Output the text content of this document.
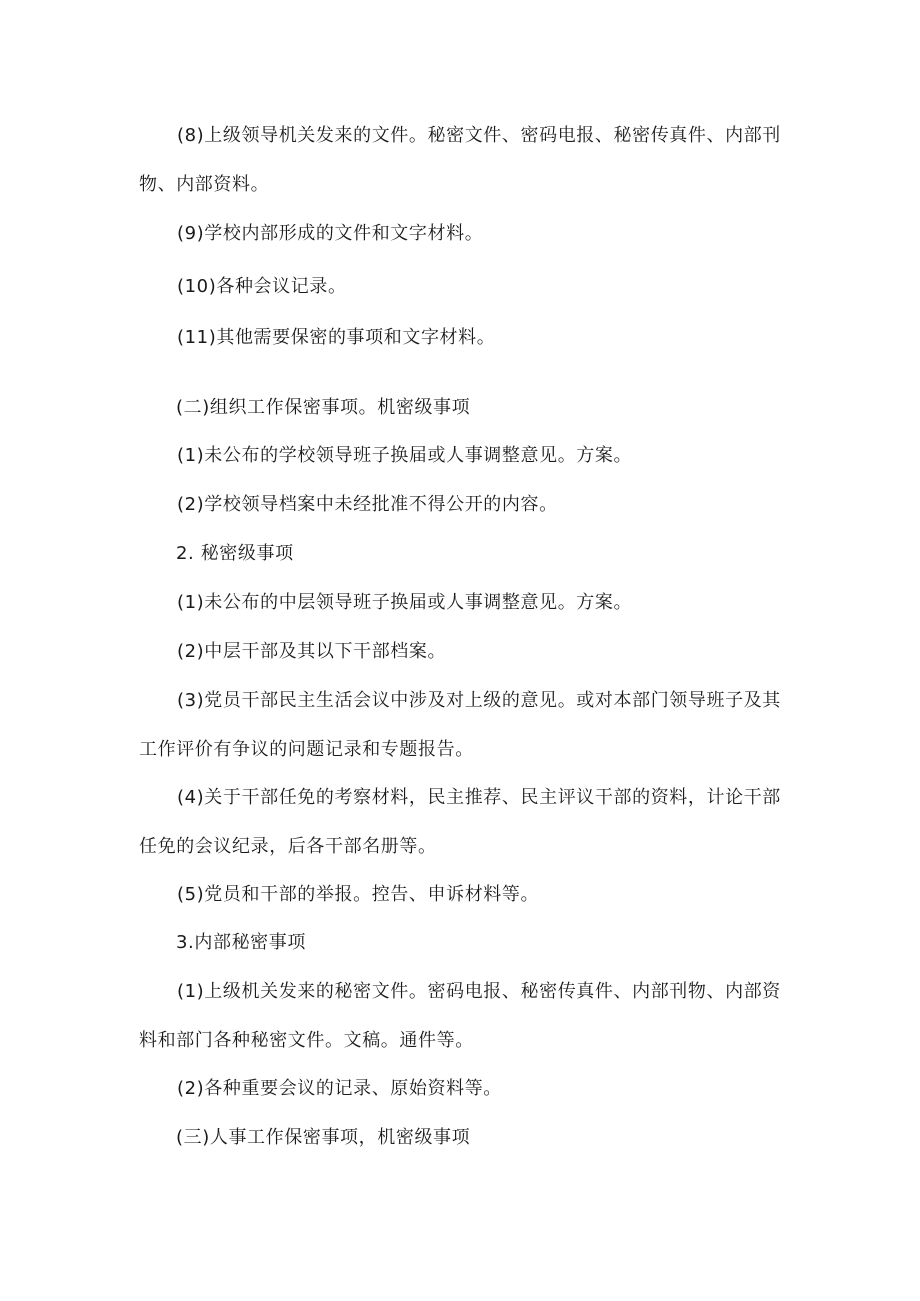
(8)上级领导机关发来的文件。秘密文件、密码电报、秘密传真件、内部刊物、内部资料。

(9)学校内部形成的文件和文字材料。

(10)各种会议记录。

(11)其他需要保密的事项和文字材料。

(二)组织工作保密事项。机密级事项

(1)未公布的学校领导班子换届或人事调整意见。方案。

(2)学校领导档案中未经批准不得公开的内容。

2. 秘密级事项

(1)未公布的中层领导班子换届或人事调整意见。方案。

(2)中层干部及其以下干部档案。

(3)党员干部民主生活会议中涉及对上级的意见。或对本部门领导班子及其工作评价有争议的问题记录和专题报告。

(4)关于干部任免的考察材料，民主推荐、民主评议干部的资料，计论干部任免的会议纪录，后各干部名册等。

(5)党员和干部的举报。控告、申诉材料等。

3.内部秘密事项

(1)上级机关发来的秘密文件。密码电报、秘密传真件、内部刊物、内部资料和部门各种秘密文件。文稿。通件等。

(2)各种重要会议的记录、原始资料等。

(三)人事工作保密事项，机密级事项
